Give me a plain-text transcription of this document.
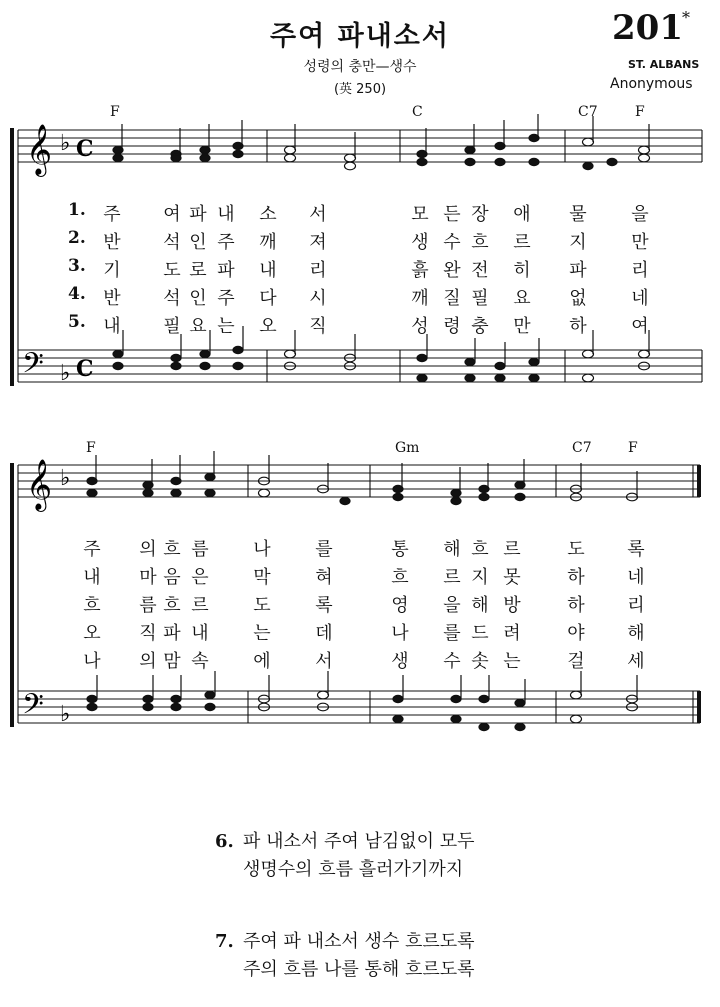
주여 파내소서
성령의 충만—생수
(英 250)
201 *
ST. ALBANS
Anonymous
F	C	C7	F
𝄞 ♭ C
𝄢 ♭ C
1. 주 여 파 내 소 서	모 든 장 애 물 을
2. 반 석 인 주 깨 져	생 수 흐 르 지 만
3. 기 도 로 파 내 리	흙 완 전 히 파 리
4. 반 석 인 주 다 시	깨 질 필 요 없 네
5. 내 필 요 는 오 직	성 령 충 만 하 여
F	Gm	C7	F
𝄞 ♭
𝄢 ♭
주 의 흐 름 나 를	통 해 흐 르	도 록
내 마 음 은 막 혀	흐 르 지 못	하 네
흐 름 흐 르 도 록	영 을 해 방	하 리
오 직 파 내 는 데	나 를 드 려	야 해
나 의 맘 속 에 서	생 수 솟 는	걸 세
6. 파 내소서 주여 남김없이 모두
생명수의 흐름 흘러가기까지
7. 주여 파 내소서 생수 흐르도록
주의 흐름 나를 통해 흐르도록
